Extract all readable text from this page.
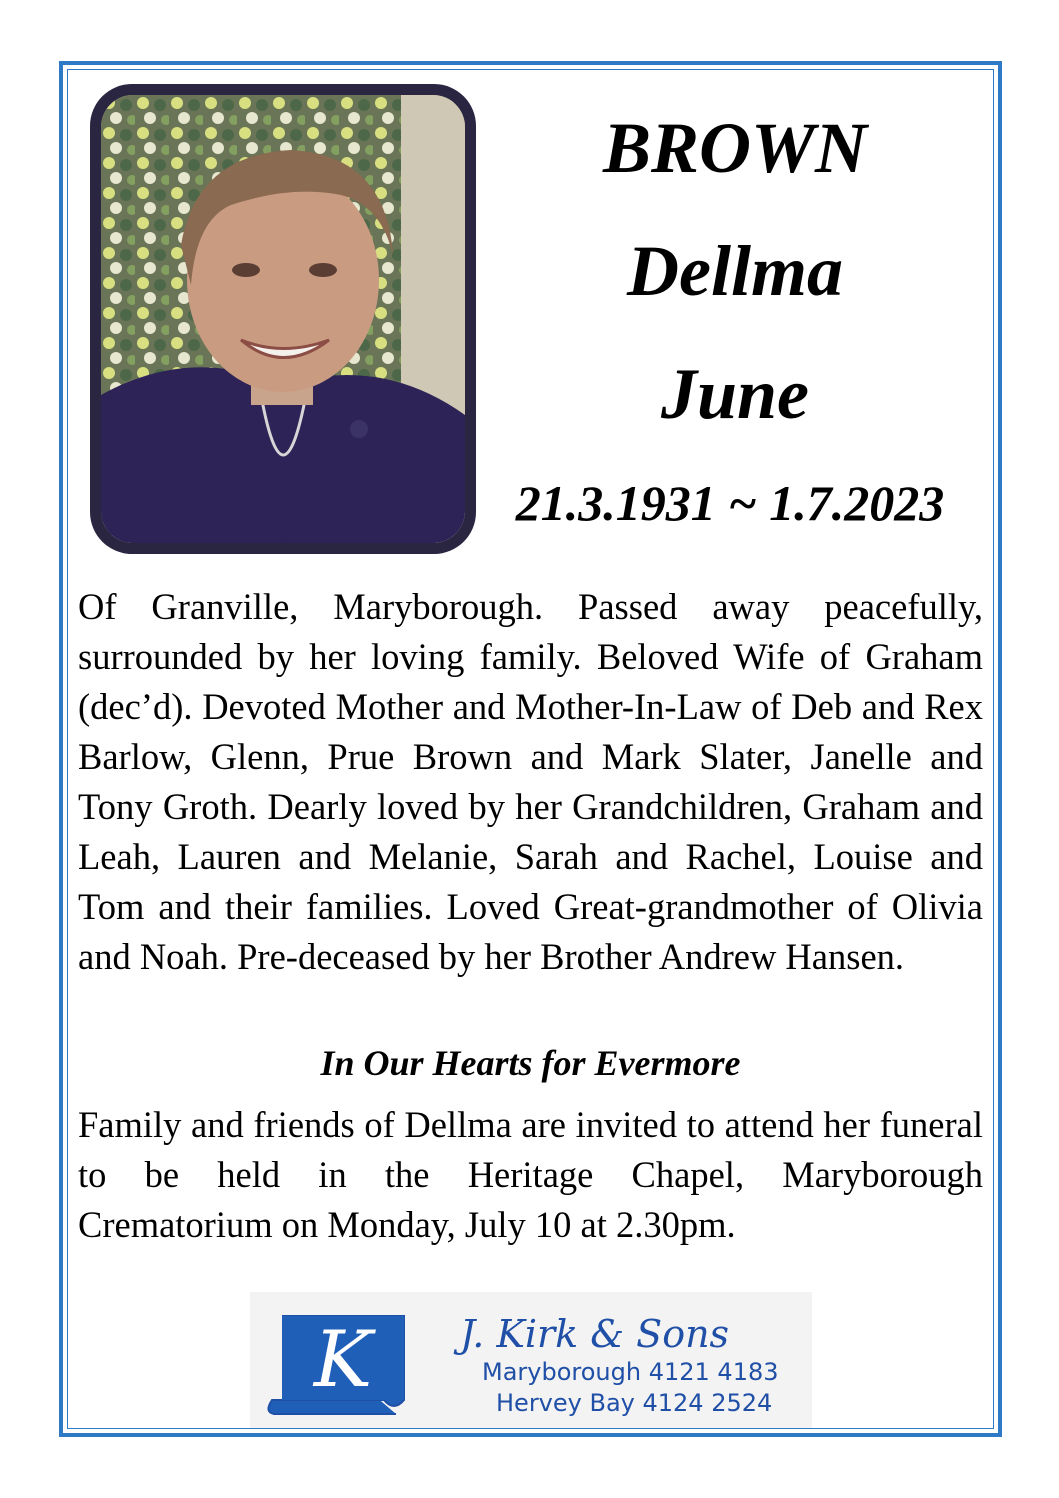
BROWN
Dellma
June
21.3.1931 ~ 1.7.2023

Of Granville, Maryborough. Passed away peacefully, surrounded by her loving family. Beloved Wife of Graham (dec’d). Devoted Mother and Mother-In-Law of Deb and Rex Barlow, Glenn, Prue Brown and Mark Slater, Janelle and Tony Groth. Dearly loved by her Grandchildren, Graham and Leah, Lauren and Melanie, Sarah and Rachel, Louise and Tom and their families. Loved Great-grandmother of Olivia and Noah. Pre-deceased by her Brother Andrew Hansen.

In Our Hearts for Evermore

Family and friends of Dellma are invited to attend her funeral to be held in the Heritage Chapel, Maryborough Crematorium on Monday, July 10 at 2.30pm.

K J. Kirk & Sons
Maryborough 4121 4183
Hervey Bay 4124 2524
